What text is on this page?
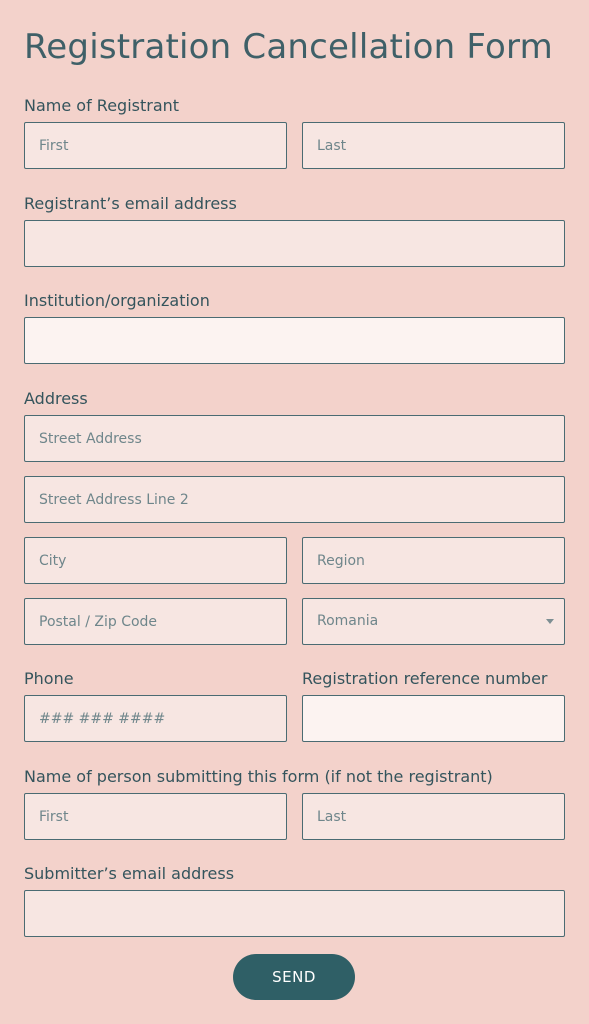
Registration Cancellation Form
Name of Registrant
First
Last
Registrant’s email address
Institution/organization
Address
Street Address
Street Address Line 2
City
Region
Postal / Zip Code
Romania
Phone
### ### ####	Registration reference number
Name of person submitting this form (if not the registrant)
First
Last
Submitter’s email address
SEND
